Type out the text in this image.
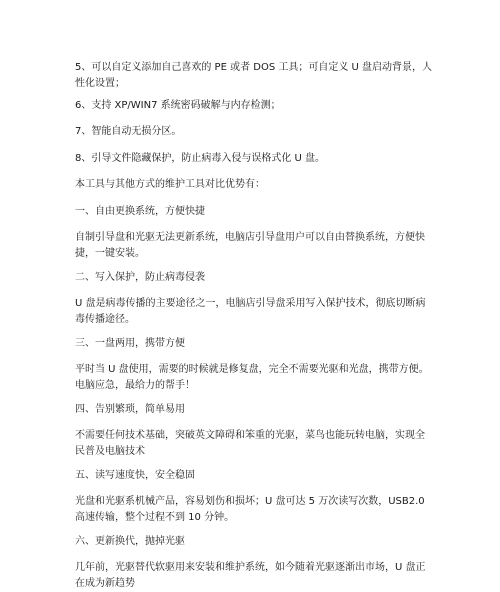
5、可以自定义添加自己喜欢的 PE 或者 DOS 工具；可自定义 U 盘启动背景，人性化设置；

6、支持 XP/WIN7 系统密码破解与内存检测；

7、智能自动无损分区。

8、引导文件隐藏保护，防止病毒入侵与误格式化 U 盘。

本工具与其他方式的维护工具对比优势有：

一、自由更换系统，方便快捷

自制引导盘和光驱无法更新系统，电脑店引导盘用户可以自由替换系统，方便快捷，一键安装。

二、写入保护，防止病毒侵袭

U 盘是病毒传播的主要途径之一，电脑店引导盘采用写入保护技术，彻底切断病毒传播途径。

三、一盘两用，携带方便

平时当 U 盘使用，需要的时候就是修复盘，完全不需要光驱和光盘，携带方便。电脑应急，最给力的帮手！

四、告别繁琐，简单易用

不需要任何技术基础，突破英文障碍和笨重的光驱，菜鸟也能玩转电脑，实现全民普及电脑技术

五、读写速度快，安全稳固

光盘和光驱系机械产品，容易划伤和损坏；U 盘可达 5 万次读写次数，USB2.0 高速传输，整个过程不到 10 分钟。

六、更新换代，抛掉光驱

几年前，光驱替代软驱用来安装和维护系统，如今随着光驱逐渐出市场，U 盘正在成为新趋势
